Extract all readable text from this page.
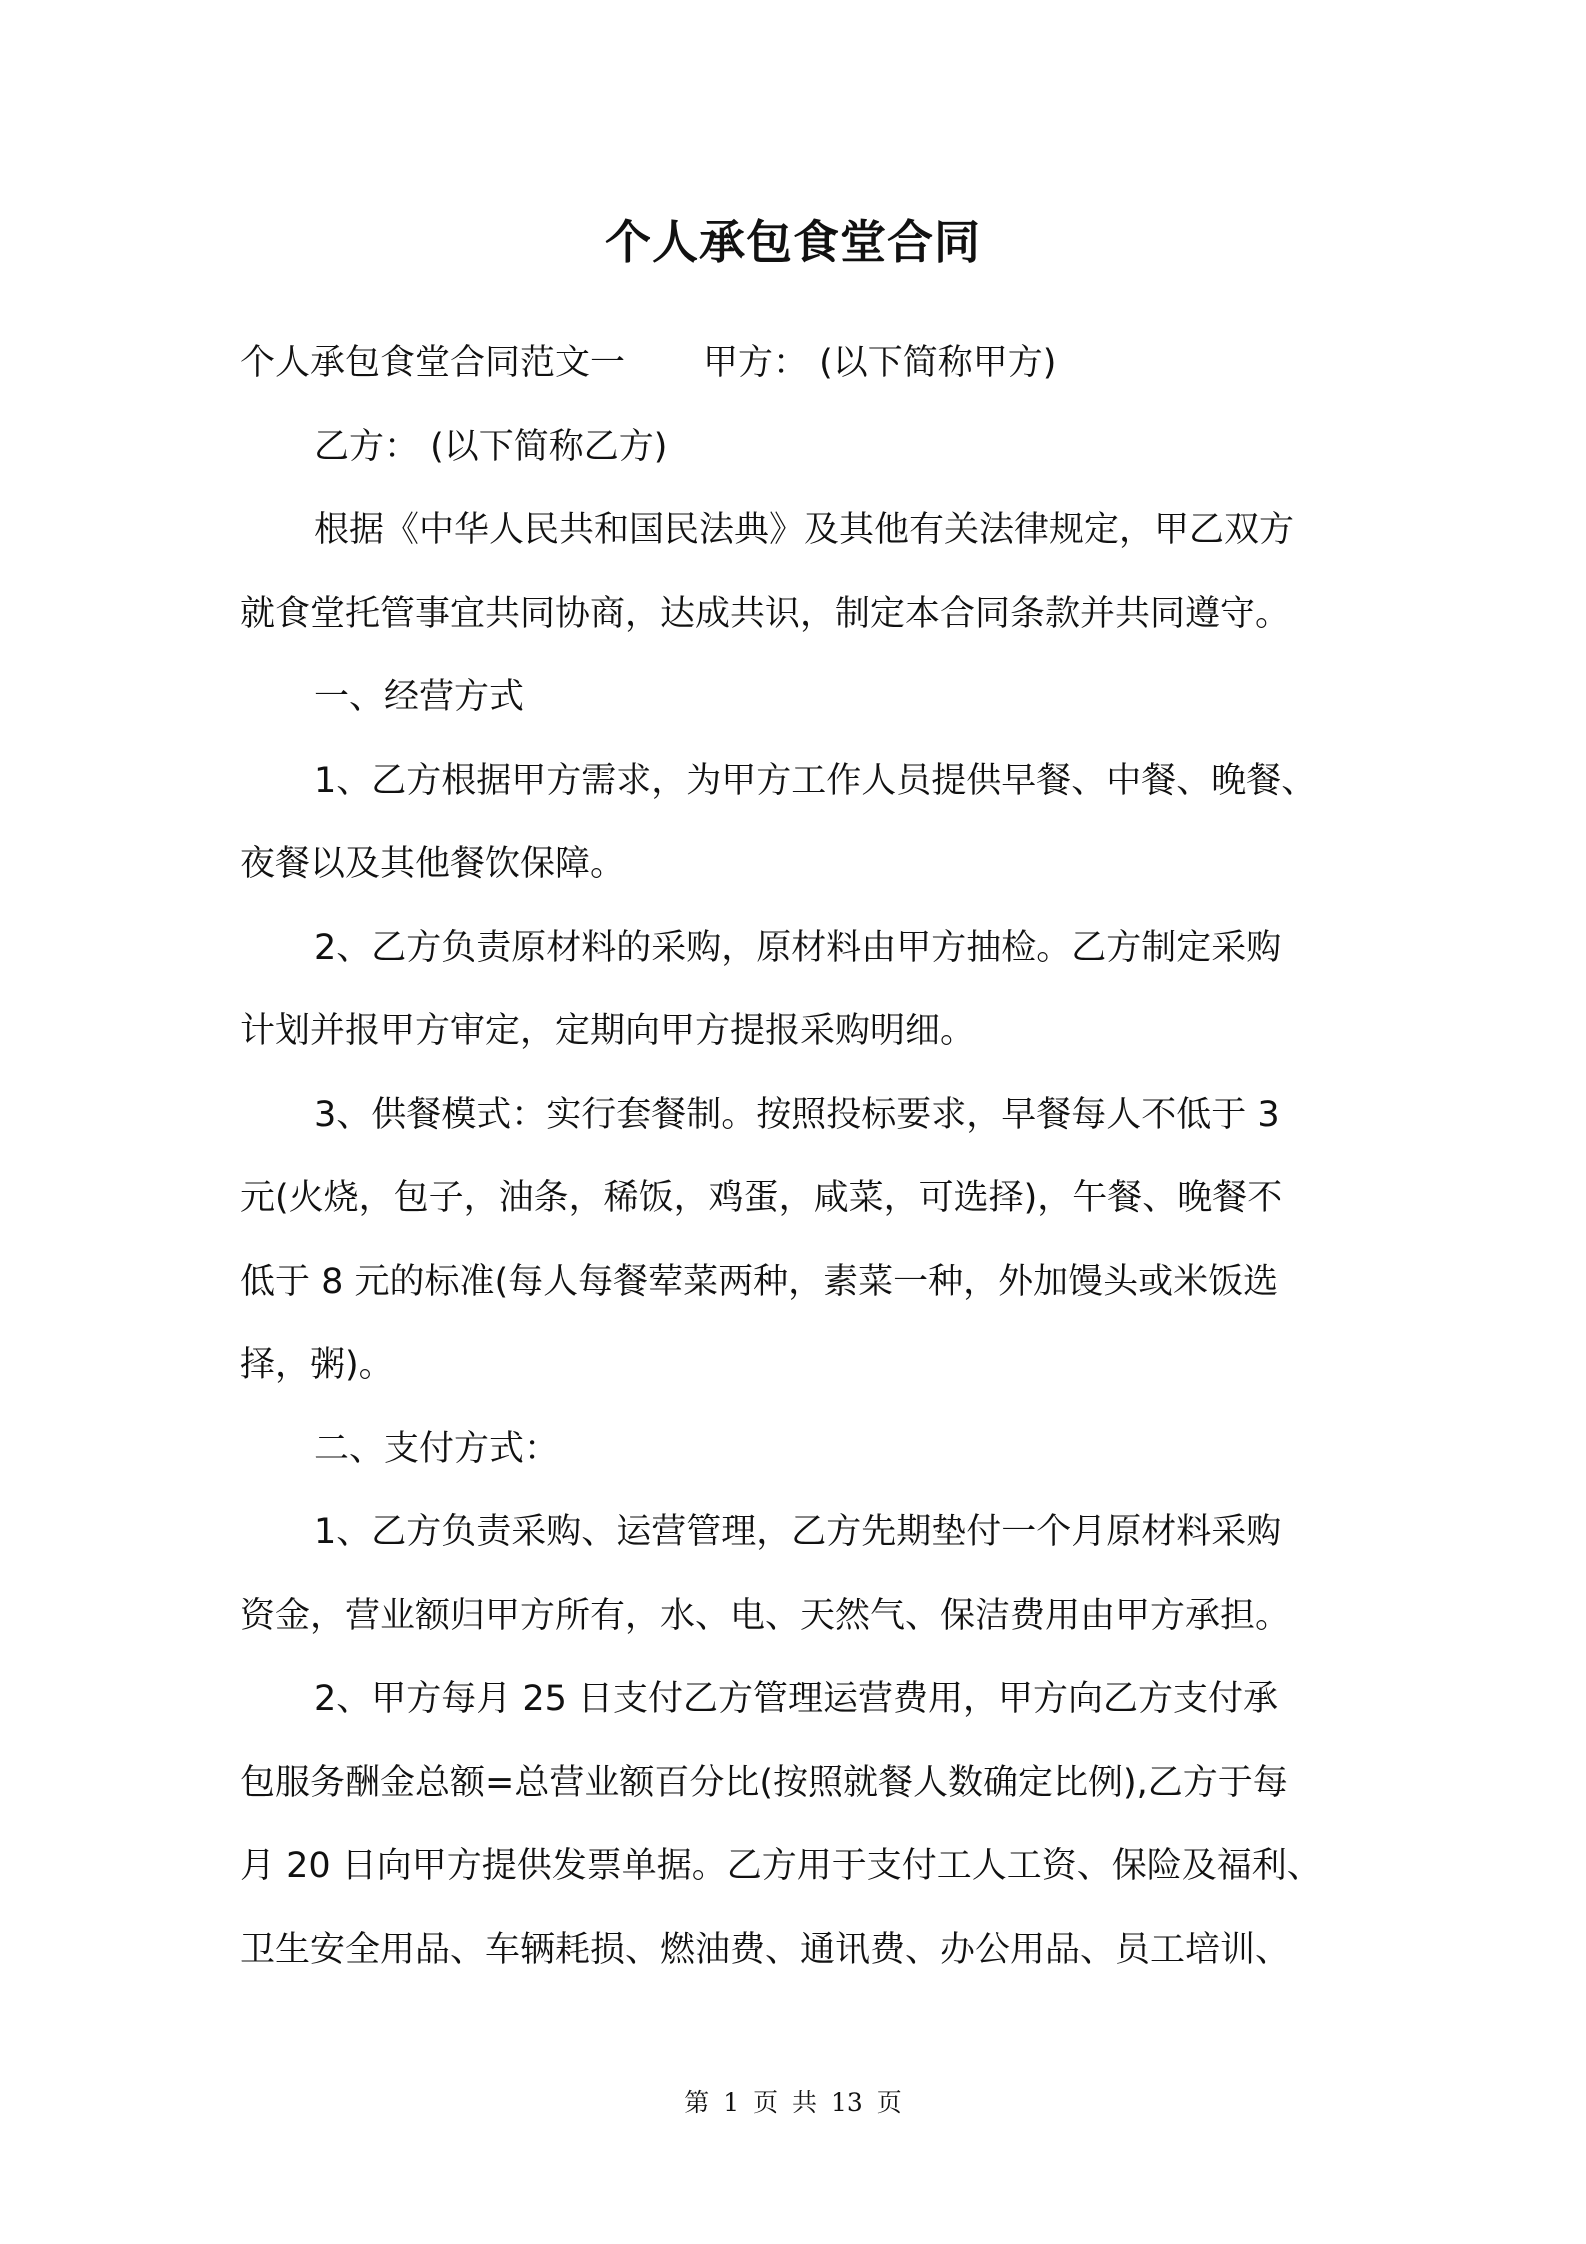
个人承包食堂合同

个人承包食堂合同范文一 甲方： (以下简称甲方)

乙方： (以下简称乙方)

根据《中华人民共和国民法典》及其他有关法律规定，甲乙双方

就食堂托管事宜共同协商，达成共识，制定本合同条款并共同遵守。

一、经营方式

1、乙方根据甲方需求，为甲方工作人员提供早餐、中餐、晚餐、

夜餐以及其他餐饮保障。

2、乙方负责原材料的采购，原材料由甲方抽检。乙方制定采购

计划并报甲方审定，定期向甲方提报采购明细。

3、供餐模式：实行套餐制。按照投标要求，早餐每人不低于 3

元(火烧，包子，油条，稀饭，鸡蛋，咸菜，可选择)，午餐、晚餐不

低于 8 元的标准(每人每餐荤菜两种，素菜一种，外加馒头或米饭选

择，粥)。

二、支付方式：

1、乙方负责采购、运营管理，乙方先期垫付一个月原材料采购

资金，营业额归甲方所有，水、电、天然气、保洁费用由甲方承担。

2、甲方每月 25 日支付乙方管理运营费用，甲方向乙方支付承

包服务酬金总额=总营业额百分比(按照就餐人数确定比例),乙方于每

月 20 日向甲方提供发票单据。乙方用于支付工人工资、保险及福利、

卫生安全用品、车辆耗损、燃油费、通讯费、办公用品、员工培训、

第 1 页 共 13 页
